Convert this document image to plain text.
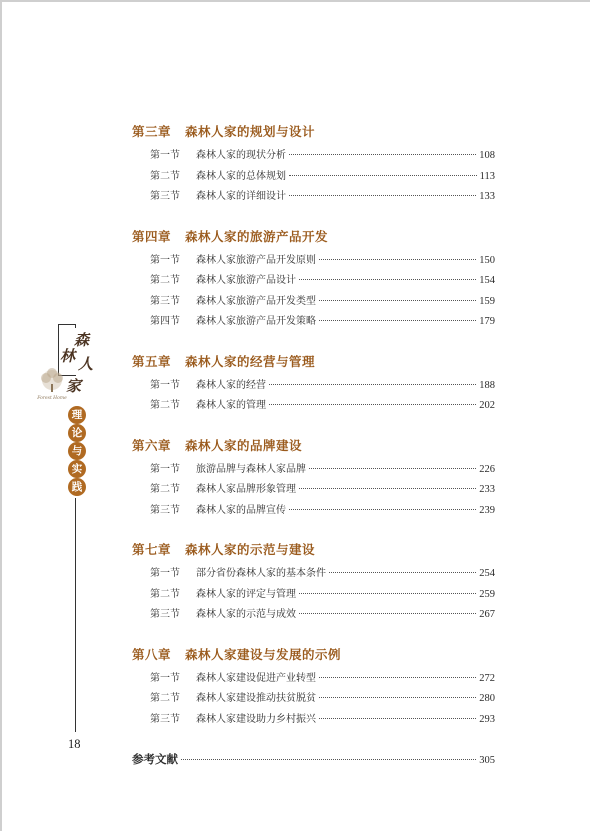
森
林 人
家
Forest Home
理
论
与
实
践
18
第三章 森林人家的规划与设计
第一节	森林人家的现状分析	108
第二节	森林人家的总体规划	113
第三节	森林人家的详细设计	133
第四章 森林人家的旅游产品开发
第一节	森林人家旅游产品开发原则	150
第二节	森林人家旅游产品设计	154
第三节	森林人家旅游产品开发类型	159
第四节	森林人家旅游产品开发策略	179
第五章 森林人家的经营与管理
第一节	森林人家的经营	188
第二节	森林人家的管理	202
第六章 森林人家的品牌建设
第一节	旅游品牌与森林人家品牌	226
第二节	森林人家品牌形象管理	233
第三节	森林人家的品牌宣传	239
第七章 森林人家的示范与建设
第一节	部分省份森林人家的基本条件	254
第二节	森林人家的评定与管理	259
第三节	森林人家的示范与成效	267
第八章 森林人家建设与发展的示例
第一节	森林人家建设促进产业转型	272
第二节	森林人家建设推动扶贫脱贫	280
第三节	森林人家建设助力乡村振兴	293
参考文献	305
